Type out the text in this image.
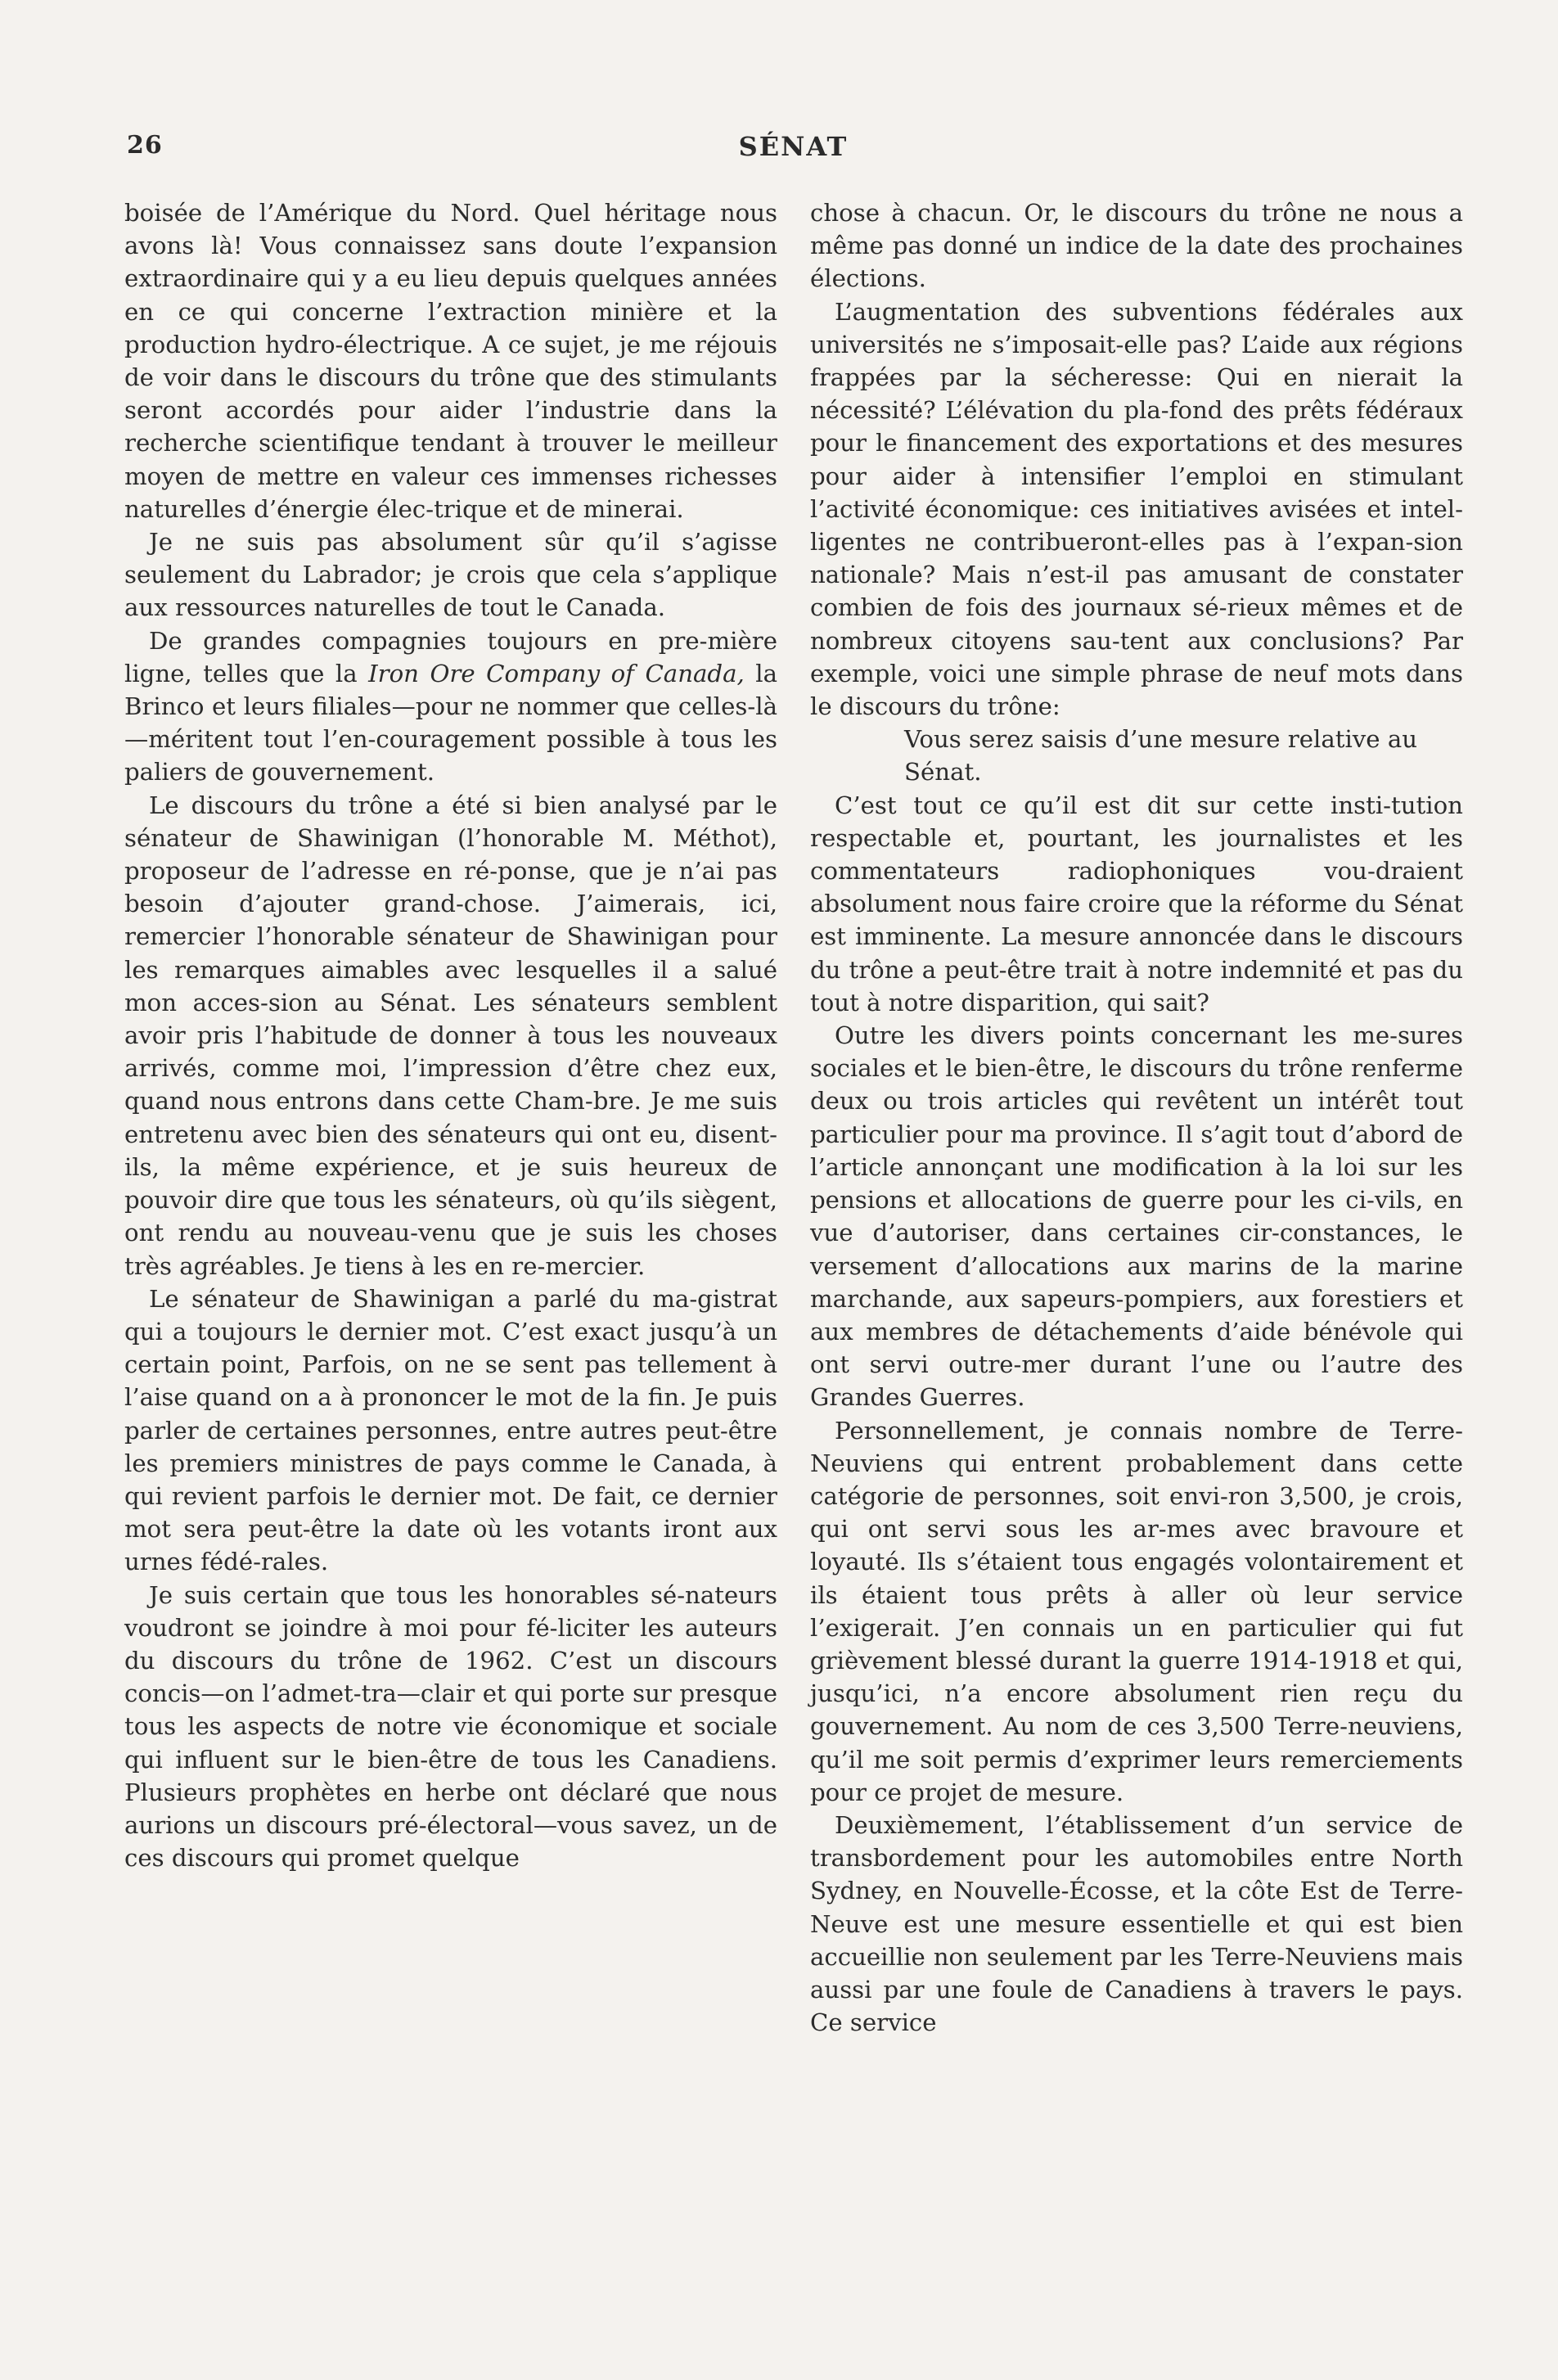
26	SÉNAT

boisée de l’Amérique du Nord. Quel héritage nous avons là! Vous connaissez sans doute l’expansion extraordinaire qui y a eu lieu depuis quelques années en ce qui concerne l’extraction minière et la production hydro-électrique. A ce sujet, je me réjouis de voir dans le discours du trône que des stimulants seront accordés pour aider l’industrie dans la recherche scientifique tendant à trouver le meilleur moyen de mettre en valeur ces immenses richesses naturelles d’énergie élec-trique et de minerai.

Je ne suis pas absolument sûr qu’il s’agisse seulement du Labrador; je crois que cela s’applique aux ressources naturelles de tout le Canada.

De grandes compagnies toujours en pre-mière ligne, telles que la Iron Ore Company of Canada, la Brinco et leurs filiales—pour ne nommer que celles-là—méritent tout l’en-couragement possible à tous les paliers de gouvernement.

Le discours du trône a été si bien analysé par le sénateur de Shawinigan (l’honorable M. Méthot), proposeur de l’adresse en ré-ponse, que je n’ai pas besoin d’ajouter grand-chose. J’aimerais, ici, remercier l’honorable sénateur de Shawinigan pour les remarques aimables avec lesquelles il a salué mon acces-sion au Sénat. Les sénateurs semblent avoir pris l’habitude de donner à tous les nouveaux arrivés, comme moi, l’impression d’être chez eux, quand nous entrons dans cette Cham-bre. Je me suis entretenu avec bien des sénateurs qui ont eu, disent-ils, la même expérience, et je suis heureux de pouvoir dire que tous les sénateurs, où qu’ils siègent, ont rendu au nouveau-venu que je suis les choses très agréables. Je tiens à les en re-mercier.

Le sénateur de Shawinigan a parlé du ma-gistrat qui a toujours le dernier mot. C’est exact jusqu’à un certain point, Parfois, on ne se sent pas tellement à l’aise quand on a à prononcer le mot de la fin. Je puis parler de certaines personnes, entre autres peut-être les premiers ministres de pays comme le Canada, à qui revient parfois le dernier mot. De fait, ce dernier mot sera peut-être la date où les votants iront aux urnes fédé-rales.

Je suis certain que tous les honorables sé-nateurs voudront se joindre à moi pour fé-liciter les auteurs du discours du trône de 1962. C’est un discours concis—on l’admet-tra—clair et qui porte sur presque tous les aspects de notre vie économique et sociale qui influent sur le bien-être de tous les Canadiens. Plusieurs prophètes en herbe ont déclaré que nous aurions un discours pré-électoral—vous savez, un de ces discours qui promet quelque

chose à chacun. Or, le discours du trône ne nous a même pas donné un indice de la date des prochaines élections.

L’augmentation des subventions fédérales aux universités ne s’imposait-elle pas? L’aide aux régions frappées par la sécheresse: Qui en nierait la nécessité? L’élévation du pla-fond des prêts fédéraux pour le financement des exportations et des mesures pour aider à intensifier l’emploi en stimulant l’activité économique: ces initiatives avisées et intel-ligentes ne contribueront-elles pas à l’expan-sion nationale? Mais n’est-il pas amusant de constater combien de fois des journaux sé-rieux mêmes et de nombreux citoyens sau-tent aux conclusions? Par exemple, voici une simple phrase de neuf mots dans le discours du trône:

Vous serez saisis d’une mesure relative au Sénat.

C’est tout ce qu’il est dit sur cette insti-tution respectable et, pourtant, les journalistes et les commentateurs radiophoniques vou-draient absolument nous faire croire que la réforme du Sénat est imminente. La mesure annoncée dans le discours du trône a peut-être trait à notre indemnité et pas du tout à notre disparition, qui sait?

Outre les divers points concernant les me-sures sociales et le bien-être, le discours du trône renferme deux ou trois articles qui revêtent un intérêt tout particulier pour ma province. Il s’agit tout d’abord de l’article annonçant une modification à la loi sur les pensions et allocations de guerre pour les ci-vils, en vue d’autoriser, dans certaines cir-constances, le versement d’allocations aux marins de la marine marchande, aux sapeurs-pompiers, aux forestiers et aux membres de détachements d’aide bénévole qui ont servi outre-mer durant l’une ou l’autre des Grandes Guerres.

Personnellement, je connais nombre de Terre-Neuviens qui entrent probablement dans cette catégorie de personnes, soit envi-ron 3,500, je crois, qui ont servi sous les ar-mes avec bravoure et loyauté. Ils s’étaient tous engagés volontairement et ils étaient tous prêts à aller où leur service l’exigerait. J’en connais un en particulier qui fut grièvement blessé durant la guerre 1914-1918 et qui, jusqu’ici, n’a encore absolument rien reçu du gouvernement. Au nom de ces 3,500 Terre-neuviens, qu’il me soit permis d’exprimer leurs remerciements pour ce projet de mesure.

Deuxièmement, l’établissement d’un service de transbordement pour les automobiles entre North Sydney, en Nouvelle-Écosse, et la côte Est de Terre-Neuve est une mesure essentielle et qui est bien accueillie non seulement par les Terre-Neuviens mais aussi par une foule de Canadiens à travers le pays. Ce service
